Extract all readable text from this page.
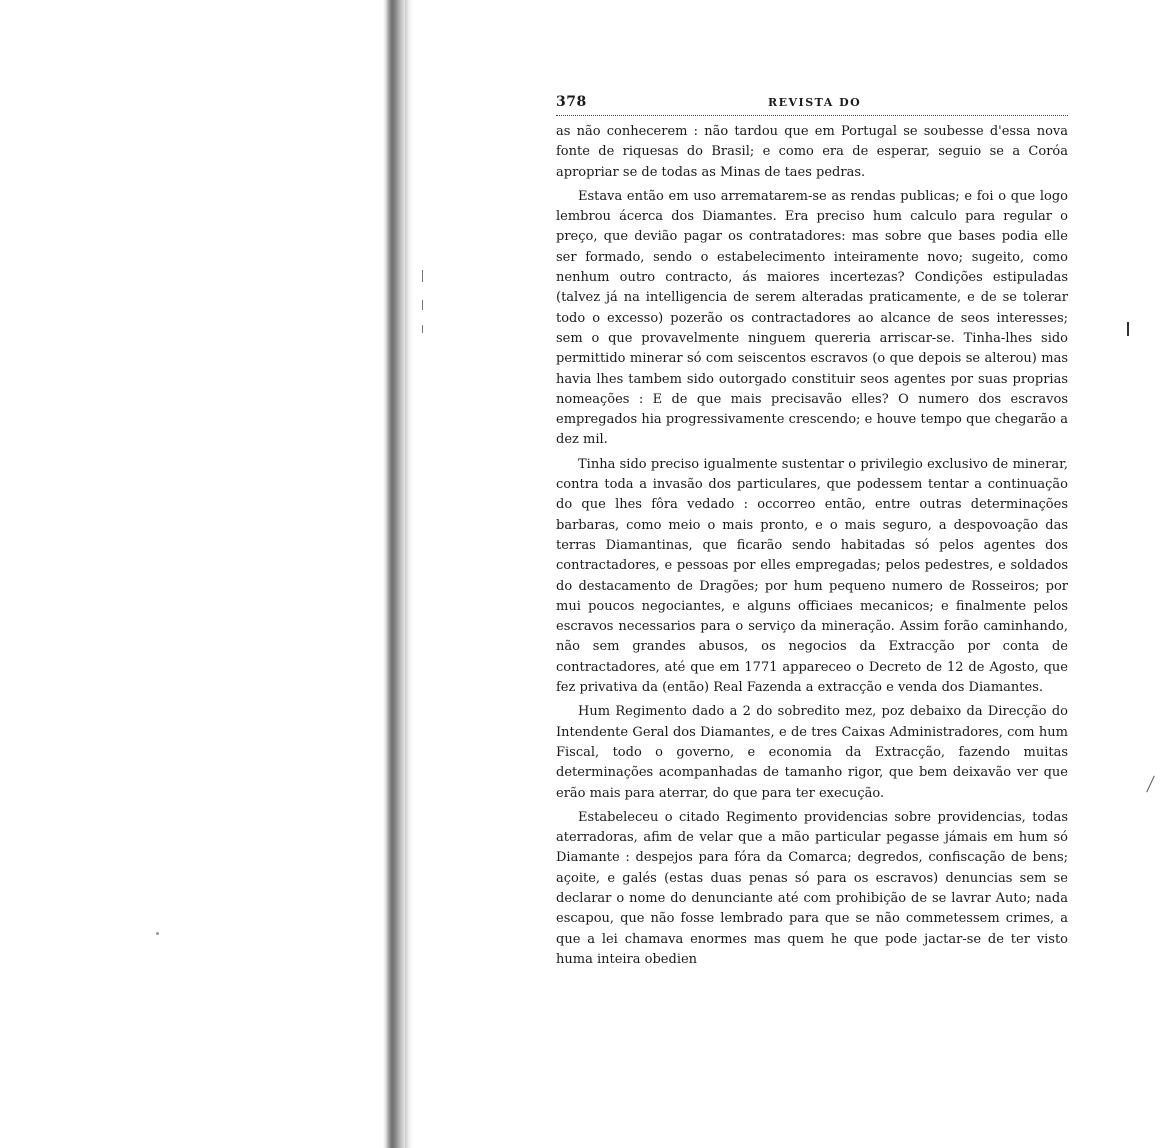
378	REVISTA DO

as não conhecerem : não tardou que em Portugal se soubesse d'essa nova fonte de riquesas do Brasil; e como era de esperar, seguio se a Coróa apropriar se de todas as Minas de taes pedras.

Estava então em uso arrematarem-se as rendas publicas; e foi o que logo lembrou ácerca dos Diamantes. Era preciso hum calculo para regular o preço, que devião pagar os contratadores: mas sobre que bases podia elle ser formado, sendo o estabelecimento inteiramente novo; sugeito, como nenhum outro contracto, ás maiores incertezas? Condições estipuladas (talvez já na intelligencia de serem alteradas praticamente, e de se tolerar todo o excesso) pozerão os contractadores ao alcance de seos interesses; sem o que provavelmente ninguem quereria arriscar-se. Tinha-lhes sido permittido minerar só com seiscentos escravos (o que depois se alterou) mas havia lhes tambem sido outorgado constituir seos agentes por suas proprias nomeações : E de que mais precisavão elles? O numero dos escravos empregados hia progressivamente crescendo; e houve tempo que chegarão a dez mil.

Tinha sido preciso igualmente sustentar o privilegio exclusivo de minerar, contra toda a invasão dos particulares, que podessem tentar a continuação do que lhes fôra vedado : occorreo então, entre outras determinações barbaras, como meio o mais pronto, e o mais seguro, a despovoação das terras Diamantinas, que ficarão sendo habitadas só pelos agentes dos contractadores, e pessoas por elles empregadas; pelos pedestres, e soldados do destacamento de Dragões; por hum pequeno numero de Rosseiros; por mui poucos negociantes, e alguns officiaes mecanicos; e finalmente pelos escravos necessarios para o serviço da mineração. Assim forão caminhando, não sem grandes abusos, os negocios da Extracção por conta de contractadores, até que em 1771 appareceo o Decreto de 12 de Agosto, que fez privativa da (então) Real Fazenda a extracção e venda dos Diamantes.

Hum Regimento dado a 2 do sobredito mez, poz debaixo da Direcção do Intendente Geral dos Diamantes, e de tres Caixas Administradores, com hum Fiscal, todo o governo, e economia da Extracção, fazendo muitas determinações acompanhadas de tamanho rigor, que bem deixavão ver que erão mais para aterrar, do que para ter execução.

Estabeleceu o citado Regimento providencias sobre providencias, todas aterradoras, afim de velar que a mão particular pegasse jámais em hum só Diamante : despejos para fóra da Comarca; degredos, confiscação de bens; açoite, e galés (estas duas penas só para os escravos) denuncias sem se declarar o nome do denunciante até com prohibição de se lavrar Auto; nada escapou, que não fosse lembrado para que se não commetessem crimes, a que a lei chamava enormes mas quem he que pode jactar-se de ter visto huma inteira obedien
